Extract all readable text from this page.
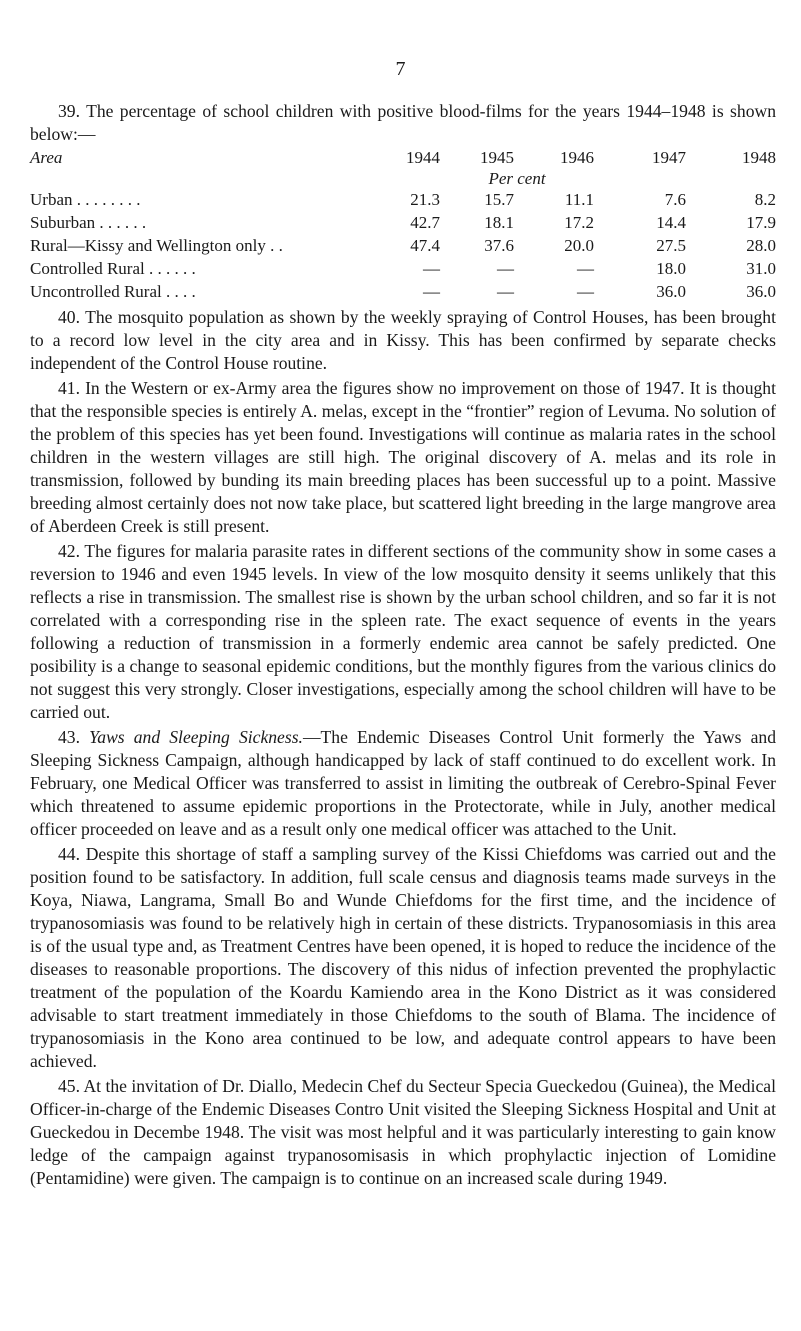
7

39. The percentage of school children with positive blood-films for the years 1944–1948 is shown below:—

Area	1944	1945	1946	1947	1948
		Per cent			
Urban . . . . . . . .	21.3	15.7	11.1	7.6	8.2
Suburban . . . . . .	42.7	18.1	17.2	14.4	17.9
Rural—Kissy and Wellington only . .	47.4	37.6	20.0	27.5	28.0
Controlled Rural . . . . . .	—	—	—	18.0	31.0
Uncontrolled Rural . . . .	—	—	—	36.0	36.0

40. The mosquito population as shown by the weekly spraying of Control Houses, has been brought to a record low level in the city area and in Kissy. This has been confirmed by separate checks independent of the Control House routine.

41. In the Western or ex-Army area the figures show no improvement on those of 1947. It is thought that the responsible species is entirely A. melas, except in the “frontier” region of Levuma. No solution of the problem of this species has yet been found. Investigations will continue as malaria rates in the school children in the western villages are still high. The original discovery of A. melas and its role in transmission, followed by bunding its main breeding places has been successful up to a point. Massive breeding almost certainly does not now take place, but scattered light breeding in the large mangrove area of Aberdeen Creek is still present.

42. The figures for malaria parasite rates in different sections of the community show in some cases a reversion to 1946 and even 1945 levels. In view of the low mosquito density it seems unlikely that this reflects a rise in transmission. The smallest rise is shown by the urban school children, and so far it is not correlated with a corresponding rise in the spleen rate. The exact sequence of events in the years following a reduction of transmission in a formerly endemic area cannot be safely predicted. One posibility is a change to seasonal epidemic conditions, but the monthly figures from the various clinics do not suggest this very strongly. Closer investigations, especially among the school children will have to be carried out.

43. Yaws and Sleeping Sickness.—The Endemic Diseases Control Unit formerly the Yaws and Sleeping Sickness Campaign, although handicapped by lack of staff continued to do excellent work. In February, one Medical Officer was transferred to assist in limiting the outbreak of Cerebro-Spinal Fever which threatened to assume epidemic proportions in the Protectorate, while in July, another medical officer proceeded on leave and as a result only one medical officer was attached to the Unit.

44. Despite this shortage of staff a sampling survey of the Kissi Chiefdoms was carried out and the position found to be satisfactory. In addition, full scale census and diagnosis teams made surveys in the Koya, Niawa, Langrama, Small Bo and Wunde Chiefdoms for the first time, and the incidence of trypanosomiasis was found to be relatively high in certain of these districts. Trypanosomiasis in this area is of the usual type and, as Treatment Centres have been opened, it is hoped to reduce the incidence of the diseases to reasonable proportions. The discovery of this nidus of infection prevented the prophylactic treatment of the population of the Koardu Kamiendo area in the Kono District as it was considered advisable to start treatment immediately in those Chiefdoms to the south of Blama. The incidence of trypanosomiasis in the Kono area continued to be low, and adequate control appears to have been achieved.

45. At the invitation of Dr. Diallo, Medecin Chef du Secteur Specia Gueckedou (Guinea), the Medical Officer-in-charge of the Endemic Diseases Contro Unit visited the Sleeping Sickness Hospital and Unit at Gueckedou in Decembe 1948. The visit was most helpful and it was particularly interesting to gain know ledge of the campaign against trypanosomisasis in which prophylactic injection of Lomidine (Pentamidine) were given. The campaign is to continue on an increased scale during 1949.
